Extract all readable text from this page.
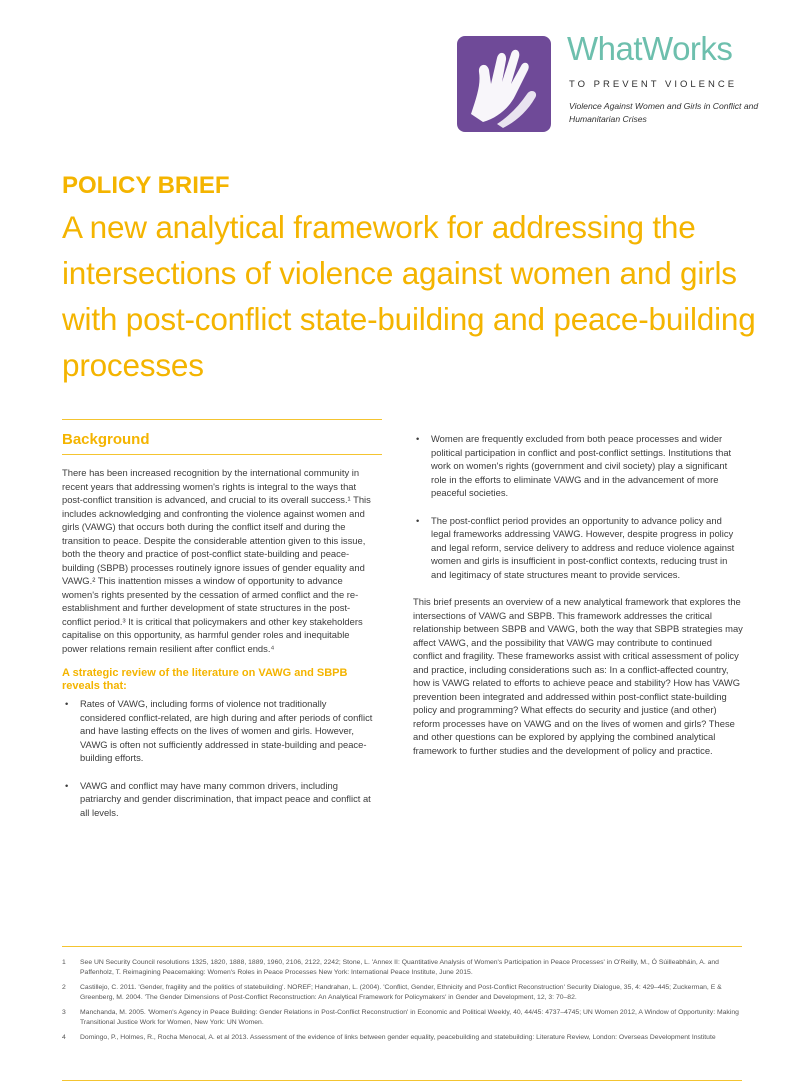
WhatWorks
TO PREVENT VIOLENCE
Violence Against Women and Girls in Conflict and Humanitarian Crises
POLICY BRIEF
A new analytical framework for addressing the intersections of violence against women and girls with post-conflict state-building and peace-building processes
Background

There has been increased recognition by the international community in recent years that addressing women's rights is integral to the ways that post-conflict transition is advanced, and crucial to its overall success.¹ This includes acknowledging and confronting the violence against women and girls (VAWG) that occurs both during the conflict itself and during the transition to peace. Despite the considerable attention given to this issue, both the theory and practice of post-conflict state-building and peace-building (SBPB) processes routinely ignore issues of gender equality and VAWG.² This inattention misses a window of opportunity to advance women's rights presented by the cessation of armed conflict and the re-establishment and further development of state structures in the post-conflict period.³ It is critical that policymakers and other key stakeholders capitalise on this opportunity, as harmful gender roles and inequitable power relations remain resilient after conflict ends.⁴

A strategic review of the literature on VAWG and SBPB reveals that:
• Rates of VAWG, including forms of violence not traditionally considered conflict-related, are high during and after periods of conflict and have lasting effects on the lives of women and girls. However, VAWG is often not sufficiently addressed in state-building and peace-building efforts.
• VAWG and conflict may have many common drivers, including patriarchy and gender discrimination, that impact peace and conflict at all levels.
• Women are frequently excluded from both peace processes and wider political participation in conflict and post-conflict settings. Institutions that work on women's rights (government and civil society) play a significant role in the efforts to eliminate VAWG and in the advancement of more peaceful societies.
• The post-conflict period provides an opportunity to advance policy and legal frameworks addressing VAWG. However, despite progress in policy and legal reform, service delivery to address and reduce violence against women and girls is insufficient in post-conflict contexts, reducing trust in and legitimacy of state structures meant to provide services.

This brief presents an overview of a new analytical framework that explores the intersections of VAWG and SBPB. This framework addresses the critical relationship between SBPB and VAWG, both the way that SBPB strategies may affect VAWG, and the possibility that VAWG may contribute to continued conflict and fragility. These frameworks assist with critical assessment of policy and practice, including considerations such as: In a conflict-affected country, how is VAWG related to efforts to achieve peace and stability? How has VAWG prevention been integrated and addressed within post-conflict state-building policy and programming? What effects do security and justice (and other) reform processes have on VAWG and on the lives of women and girls? These and other questions can be explored by applying the combined analytical framework to further studies and the development of policy and practice.

1	See UN Security Council resolutions 1325, 1820, 1888, 1889, 1960, 2106, 2122, 2242; Stone, L. 'Annex II: Quantitative Analysis of Women's Participation in Peace Processes' in O'Reilly, M., Ó Súilleabháin, A. and Paffenholz, T. Reimagining Peacemaking: Women's Roles in Peace Processes New York: International Peace Institute, June 2015.
2	Castillejo, C. 2011. 'Gender, fragility and the politics of statebuilding'. NOREF; Handrahan, L. (2004). 'Conflict, Gender, Ethnicity and Post-Conflict Reconstruction' Security Dialogue, 35, 4: 429–445; Zuckerman, E & Greenberg, M. 2004. 'The Gender Dimensions of Post-Conflict Reconstruction: An Analytical Framework for Policymakers' in Gender and Development, 12, 3: 70–82.
3	Manchanda, M. 2005. 'Women's Agency in Peace Building: Gender Relations in Post-Conflict Reconstruction' in Economic and Political Weekly, 40, 44/45: 4737–4745; UN Women 2012, A Window of Opportunity: Making Transitional Justice Work for Women, New York: UN Women.
4	Domingo, P., Holmes, R., Rocha Menocal, A. et al 2013. Assessment of the evidence of links between gender equality, peacebuilding and statebuilding: Literature Review, London: Overseas Development Institute
